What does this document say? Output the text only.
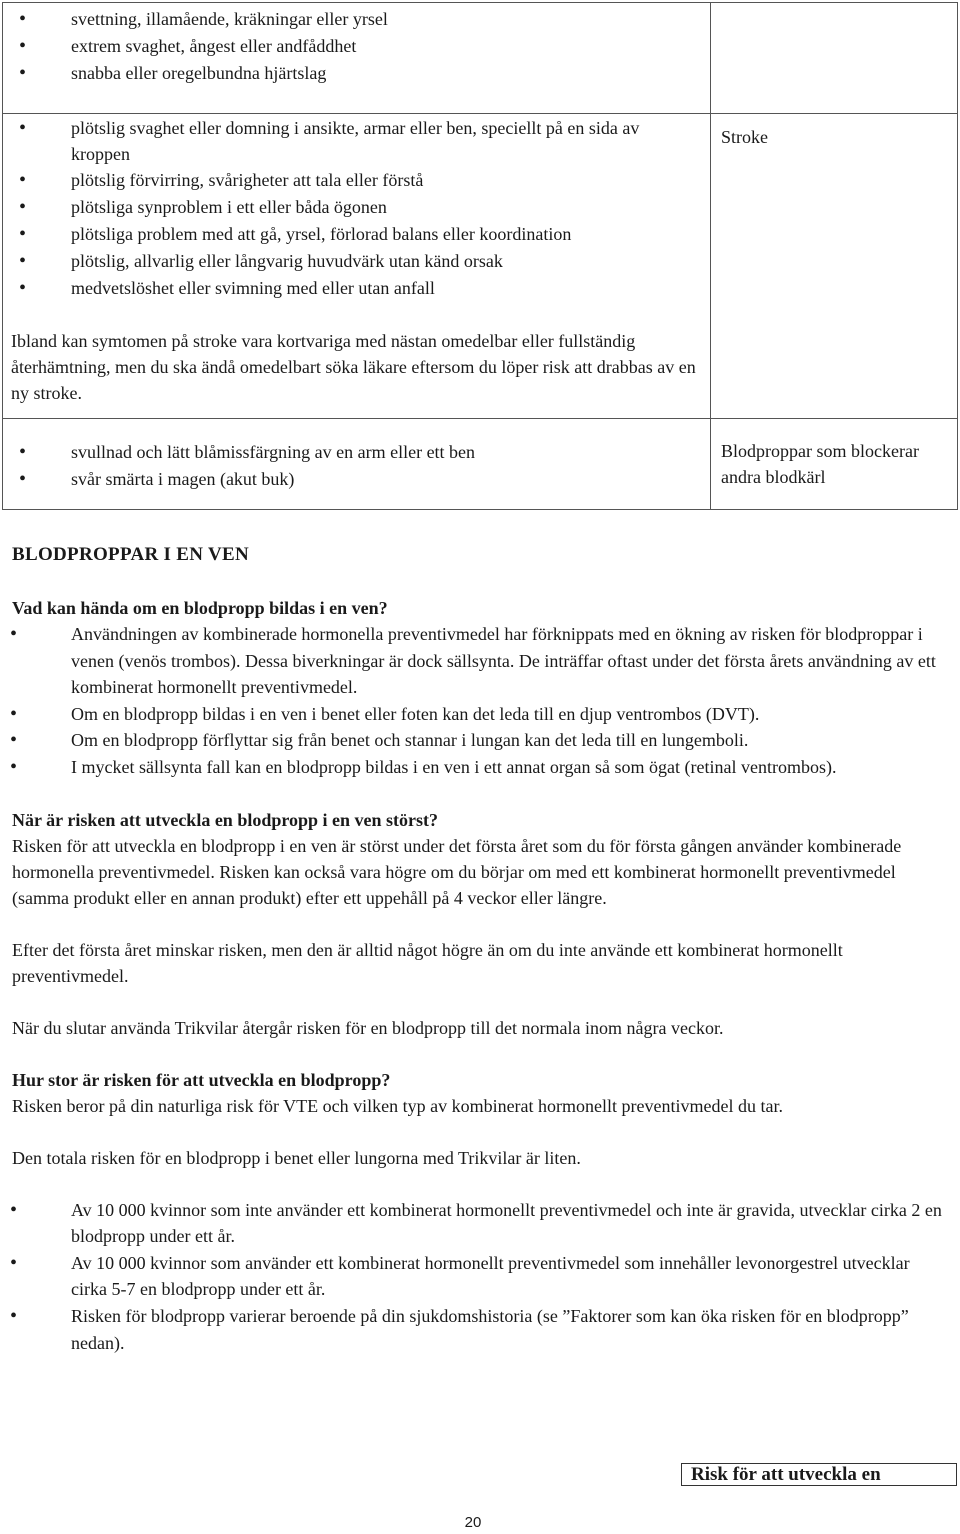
• svettning, illamående, kräkningar eller yrsel
• extrem svaghet, ångest eller andfåddhet
• snabba eller oregelbundna hjärtslag
• plötslig svaghet eller domning i ansikte, armar eller ben, speciellt på en sida av kroppen
• plötslig förvirring, svårigheter att tala eller förstå
• plötsliga synproblem i ett eller båda ögonen
• plötsliga problem med att gå, yrsel, förlorad balans eller koordination
• plötslig, allvarlig eller långvarig huvudvärk utan känd orsak
• medvetslöshet eller svimning med eller utan anfall

Ibland kan symtomen på stroke vara kortvariga med nästan omedelbar eller fullständig återhämtning, men du ska ändå omedelbart söka läkare eftersom du löper risk att drabbas av en ny stroke.

Stroke

• svullnad och lätt blåmissfärgning av en arm eller ett ben
• svår smärta i magen (akut buk)

Blodproppar som blockerar andra blodkärl

BLODPROPPAR I EN VEN

Vad kan hända om en blodpropp bildas i en ven?

• Användningen av kombinerade hormonella preventivmedel har förknippats med en ökning av risken för blodproppar i venen (venös trombos). Dessa biverkningar är dock sällsynta. De inträffar oftast under det första årets användning av ett kombinerat hormonellt preventivmedel.
• Om en blodpropp bildas i en ven i benet eller foten kan det leda till en djup ventrombos (DVT).
• Om en blodpropp förflyttar sig från benet och stannar i lungan kan det leda till en lungemboli.
• I mycket sällsynta fall kan en blodpropp bildas i en ven i ett annat organ så som ögat (retinal ventrombos).

När är risken att utveckla en blodpropp i en ven störst?

Risken för att utveckla en blodpropp i en ven är störst under det första året som du för första gången använder kombinerade hormonella preventivmedel. Risken kan också vara högre om du börjar om med ett kombinerat hormonellt preventivmedel (samma produkt eller en annan produkt) efter ett uppehåll på 4 veckor eller längre.

Efter det första året minskar risken, men den är alltid något högre än om du inte använde ett kombinerat hormonellt preventivmedel.

När du slutar använda Trikvilar återgår risken för en blodpropp till det normala inom några veckor.

Hur stor är risken för att utveckla en blodpropp?

Risken beror på din naturliga risk för VTE och vilken typ av kombinerat hormonellt preventivmedel du tar.

Den totala risken för en blodpropp i benet eller lungorna med Trikvilar är liten.

• Av 10 000 kvinnor som inte använder ett kombinerat hormonellt preventivmedel och inte är gravida, utvecklar cirka 2 en blodpropp under ett år.
• Av 10 000 kvinnor som använder ett kombinerat hormonellt preventivmedel som innehåller levonorgestrel utvecklar cirka 5-7 en blodpropp under ett år.
• Risken för blodpropp varierar beroende på din sjukdomshistoria (se ”Faktorer som kan öka risken för en blodpropp” nedan).
Risk för att utveckla en
20
